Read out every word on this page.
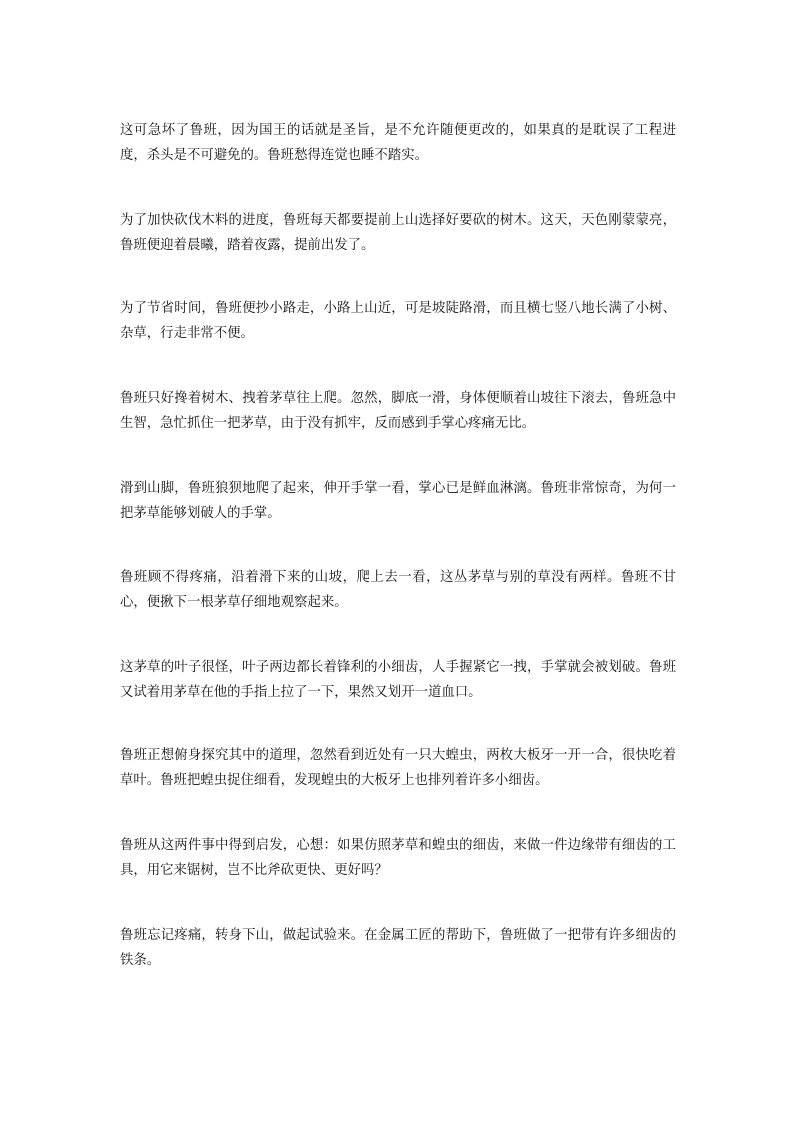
这可急坏了鲁班，因为国王的话就是圣旨，是不允许随便更改的，如果真的是耽误了工程进度，杀头是不可避免的。鲁班愁得连觉也睡不踏实。

为了加快砍伐木料的进度，鲁班每天都要提前上山选择好要砍的树木。这天，天色刚蒙蒙亮，鲁班便迎着晨曦，踏着夜露，提前出发了。

为了节省时间，鲁班便抄小路走，小路上山近，可是坡陡路滑，而且横七竖八地长满了小树、杂草，行走非常不便。

鲁班只好搀着树木、拽着茅草往上爬。忽然，脚底一滑，身体便顺着山坡往下滚去，鲁班急中生智，急忙抓住一把茅草，由于没有抓牢，反而感到手掌心疼痛无比。

滑到山脚，鲁班狼狈地爬了起来，伸开手掌一看，掌心已是鲜血淋漓。鲁班非常惊奇，为何一把茅草能够划破人的手掌。

鲁班顾不得疼痛，沿着滑下来的山坡，爬上去一看，这丛茅草与别的草没有两样。鲁班不甘心，便揪下一根茅草仔细地观察起来。

这茅草的叶子很怪，叶子两边都长着锋利的小细齿，人手握紧它一拽，手掌就会被划破。鲁班又试着用茅草在他的手指上拉了一下，果然又划开一道血口。

鲁班正想俯身探究其中的道理，忽然看到近处有一只大蝗虫，两枚大板牙一开一合，很快吃着草叶。鲁班把蝗虫捉住细看，发现蝗虫的大板牙上也排列着许多小细齿。

鲁班从这两件事中得到启发，心想：如果仿照茅草和蝗虫的细齿，来做一件边缘带有细齿的工具，用它来锯树，岂不比斧砍更快、更好吗？

鲁班忘记疼痛，转身下山，做起试验来。在金属工匠的帮助下，鲁班做了一把带有许多细齿的铁条。
